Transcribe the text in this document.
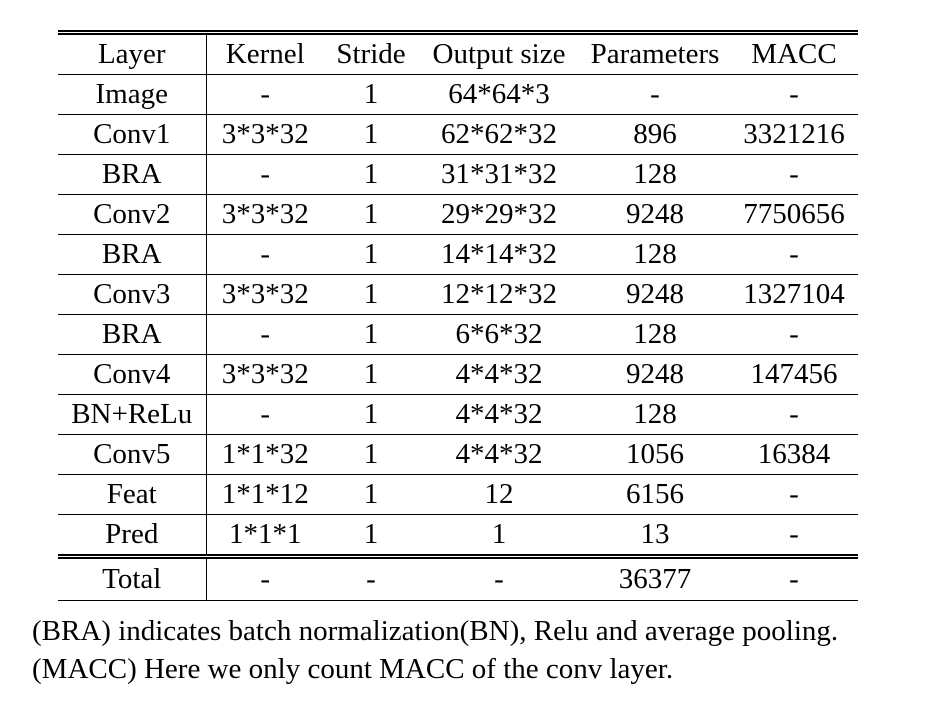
Layer	Kernel	Stride	Output size	Parameters	MACC
Image	-	1	64*64*3	-	-
Conv1	3*3*32	1	62*62*32	896	3321216
BRA	-	1	31*31*32	128	-
Conv2	3*3*32	1	29*29*32	9248	7750656
BRA	-	1	14*14*32	128	-
Conv3	3*3*32	1	12*12*32	9248	1327104
BRA	-	1	6*6*32	128	-
Conv4	3*3*32	1	4*4*32	9248	147456
BN+ReLu	-	1	4*4*32	128	-
Conv5	1*1*32	1	4*4*32	1056	16384
Feat	1*1*12	1	12	6156	-
Pred	1*1*1	1	1	13	-
Total	-	-	-	36377	-
(BRA) indicates batch normalization(BN), Relu and average pooling.
(MACC) Here we only count MACC of the conv layer.
